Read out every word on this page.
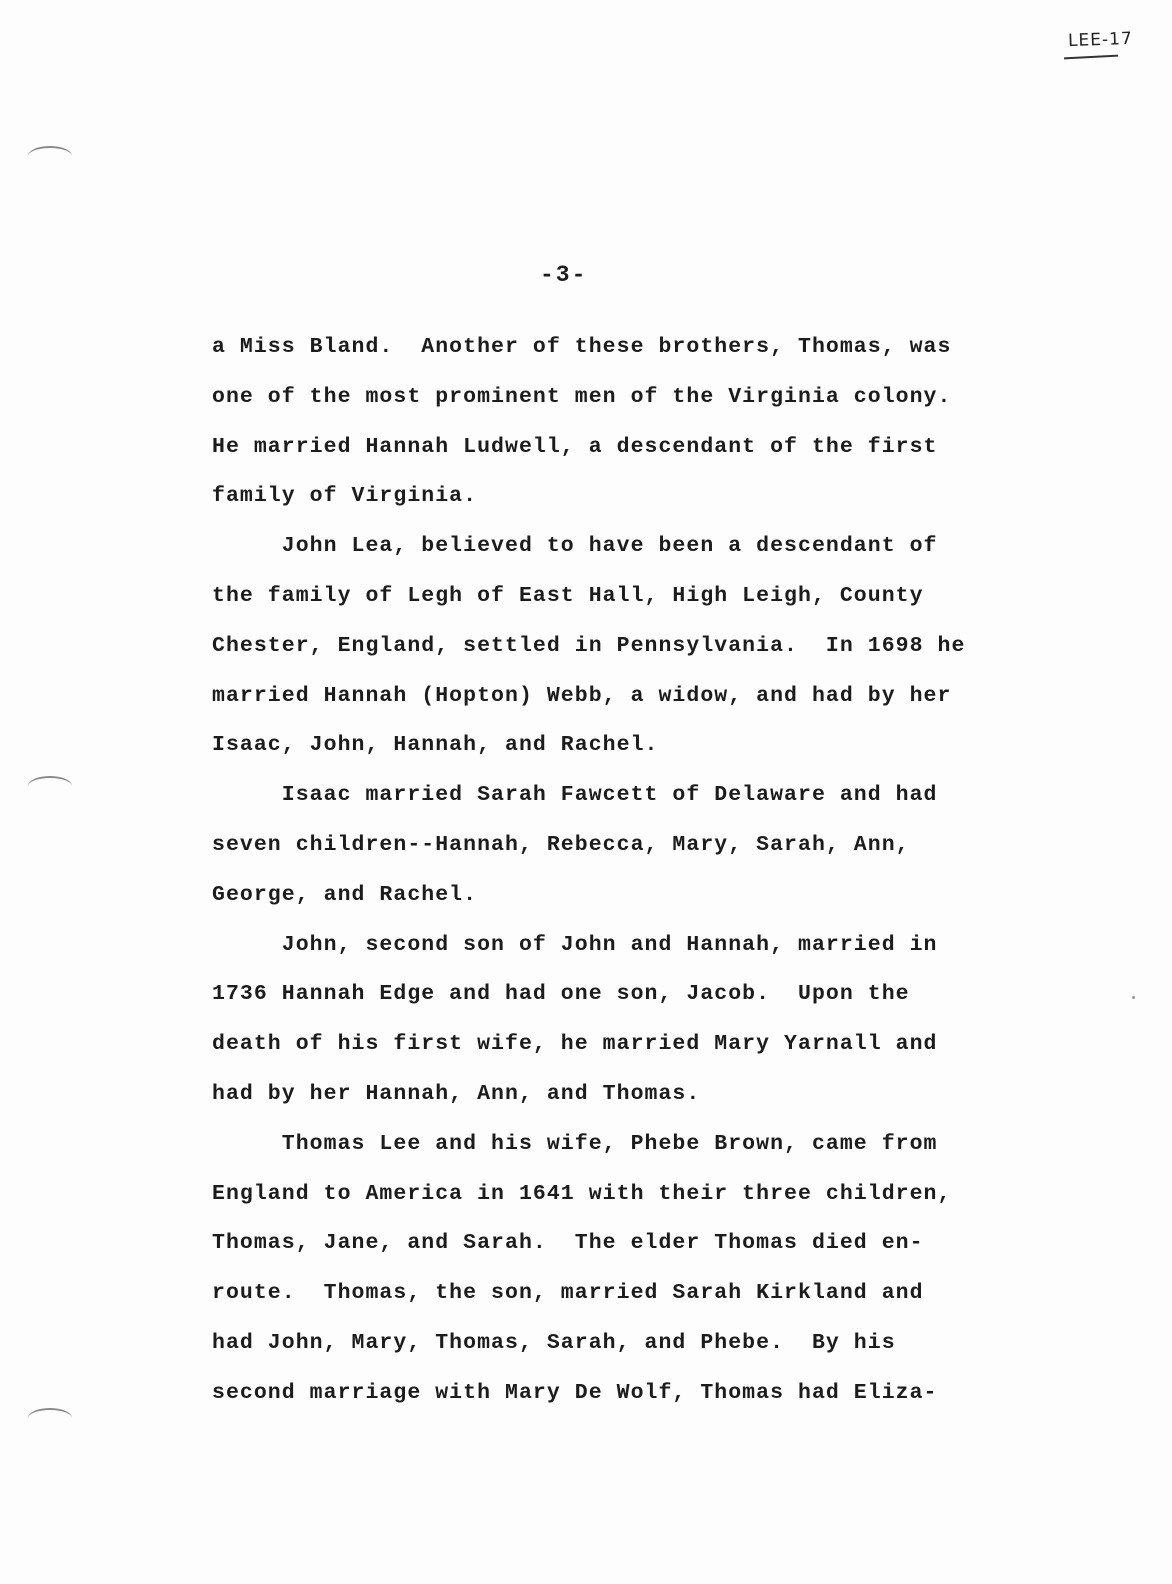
LEE-17
-3-
a Miss Bland.  Another of these brothers, Thomas, was
one of the most prominent men of the Virginia colony.
He married Hannah Ludwell, a descendant of the first
family of Virginia.
John Lea, believed to have been a descendant of
the family of Legh of East Hall, High Leigh, County
Chester, England, settled in Pennsylvania.  In 1698 he
married Hannah (Hopton) Webb, a widow, and had by her
Isaac, John, Hannah, and Rachel.
Isaac married Sarah Fawcett of Delaware and had
seven children--Hannah, Rebecca, Mary, Sarah, Ann,
George, and Rachel.
John, second son of John and Hannah, married in
1736 Hannah Edge and had one son, Jacob.  Upon the
death of his first wife, he married Mary Yarnall and
had by her Hannah, Ann, and Thomas.
Thomas Lee and his wife, Phebe Brown, came from
England to America in 1641 with their three children,
Thomas, Jane, and Sarah.  The elder Thomas died en-
route.  Thomas, the son, married Sarah Kirkland and
had John, Mary, Thomas, Sarah, and Phebe.  By his
second marriage with Mary De Wolf, Thomas had Eliza-
